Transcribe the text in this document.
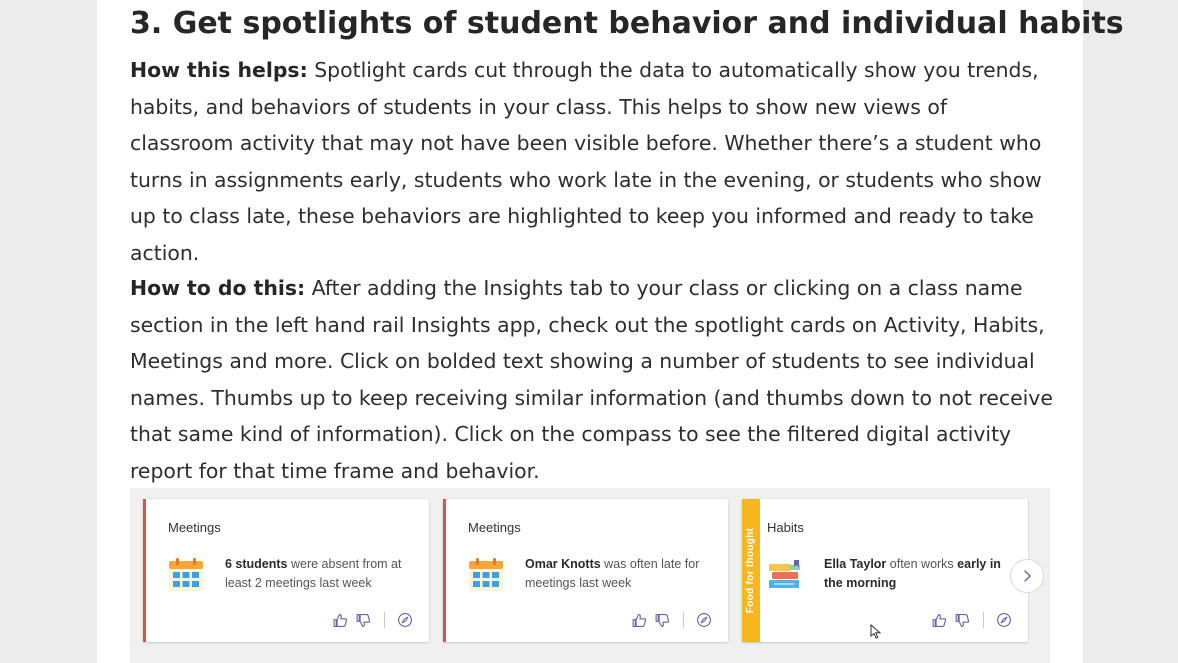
3. Get spotlights of student behavior and individual habits

How this helps: Spotlight cards cut through the data to automatically show you trends, habits, and behaviors of students in your class. This helps to show new views of classroom activity that may not have been visible before. Whether there’s a student who turns in assignments early, students who work late in the evening, or students who show up to class late, these behaviors are highlighted to keep you informed and ready to take action.

How to do this: After adding the Insights tab to your class or clicking on a class name section in the left hand rail Insights app, check out the spotlight cards on Activity, Habits, Meetings and more. Click on bolded text showing a number of students to see individual names. Thumbs up to keep receiving similar information (and thumbs down to not receive that same kind of information). Click on the compass to see the filtered digital activity report for that time frame and behavior.

Meetings
6 students were absent from at least 2 meetings last week
Meetings
Omar Knotts was often late for meetings last week	Food for thought
Habits
Ella Taylor often works early in the morning
